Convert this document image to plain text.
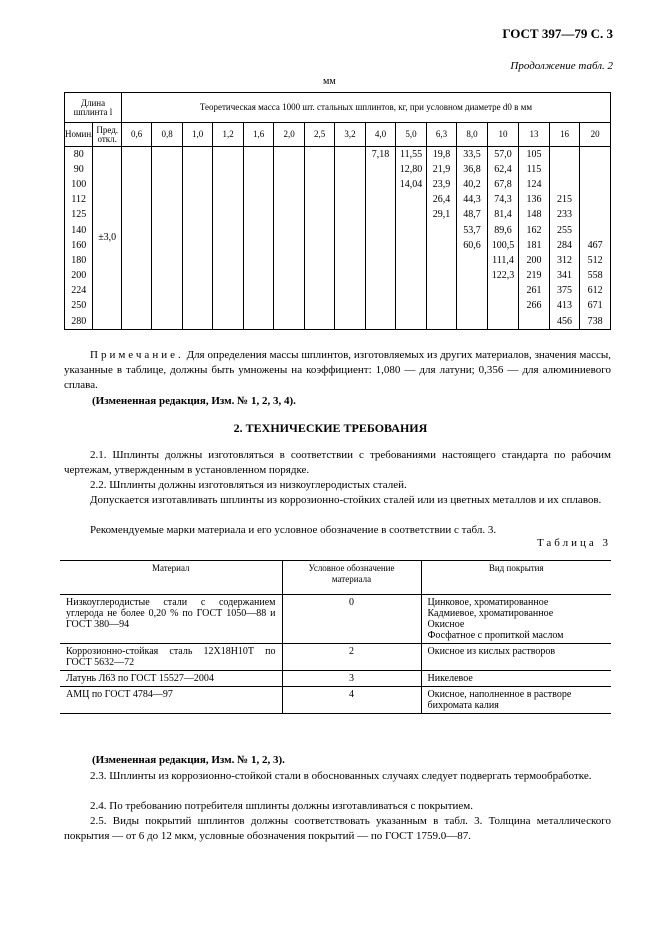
ГОСТ 397—79 С. 3
Продолжение табл. 2
мм
Длина шплинта l		Теоретическая масса 1000 шт. стальных шплинтов, кг, при условном диаметре d0 в мм															
Номин.	Пред. откл.	0,6	0,8	1,0	1,2	1,6	2,0	2,5	3,2	4,0	5,0	6,3	8,0	10	13	16	20
80	±3,0									7,18	11,55	19,8	33,5	57,0	105		
90											12,80	21,9	36,8	62,4	115		
100											14,04	23,9	40,2	67,8	124		
112												26,4	44,3	74,3	136	215	
125												29,1	48,7	81,4	148	233	
140													53,7	89,6	162	255	
160													60,6	100,5	181	284	467
180														111,4	200	312	512
200														122,3	219	341	558
224															261	375	612
250															266	413	671
280																456	738
Примечание. Для определения массы шплинтов, изготовляемых из других материалов, значения массы, указанные в таблице, должны быть умножены на коэффициент: 1,080 — для латуни; 0,356 — для алюминиевого сплава.
(Измененная редакция, Изм. № 1, 2, 3, 4).
2. ТЕХНИЧЕСКИЕ ТРЕБОВАНИЯ
2.1. Шплинты должны изготовляться в соответствии с требованиями настоящего стандарта по рабочим чертежам, утвержденным в установленном порядке.
2.2. Шплинты должны изготовляться из низкоуглеродистых сталей.
Допускается изготавливать шплинты из коррозионно-стойких сталей или из цветных металлов и их сплавов.
Рекомендуемые марки материала и его условное обозначение в соответствии с табл. 3.
Таблица 3
Материал	Условное обозначение материала	Вид покрытия
Низкоуглеродистые стали с содержанием углерода не более 0,20 % по ГОСТ 1050—88 и ГОСТ 380—94	0	Цинковое, хроматированное
Кадмиевое, хроматированное
Окисное
Фосфатное с пропиткой маслом

Коррозионно-стойкая сталь 12Х18Н10Т по ГОСТ 5632—72	2	Окисное из кислых растворов

Латунь Л63 по ГОСТ 15527—2004	3	Никелевое

АМЦ по ГОСТ 4784—97	4	Окисное, наполненное в растворе бихромата калия
(Измененная редакция, Изм. № 1, 2, 3).
2.3. Шплинты из коррозионно-стойкой стали в обоснованных случаях следует подвергать термообработке.
2.4. По требованию потребителя шплинты должны изготавливаться с покрытием.
2.5. Виды покрытий шплинтов должны соответствовать указанным в табл. 3. Толщина металлического покрытия — от 6 до 12 мкм, условные обозначения покрытий — по ГОСТ 1759.0—87.
